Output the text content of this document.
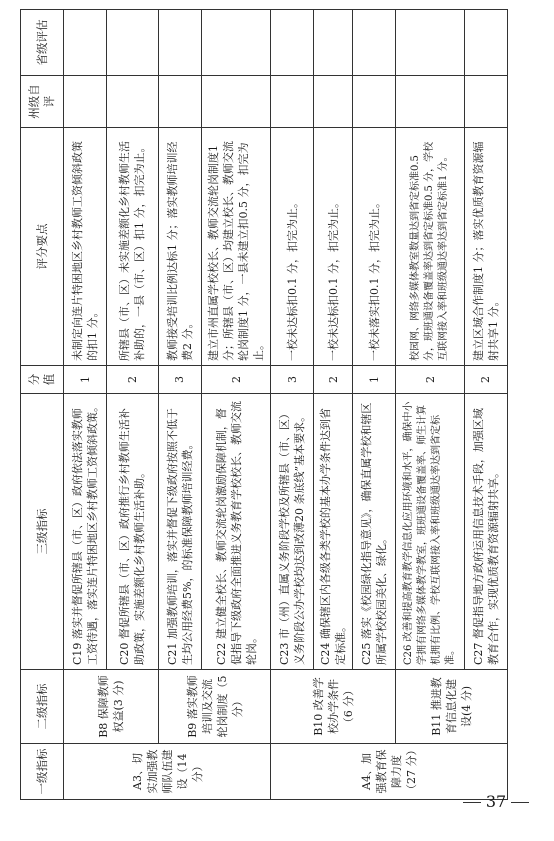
一级指标	二级指标	三级指标	分值	评分要点	州级自评	省级评估
A3、切实加强教师队伍建设（14 分）	B8 保障教师权益(3 分)	C19 落实并督促所辖县（市、区）政府依法落实教师工资待遇，落实连片特困地区乡村教师工资倾斜政策。	1	未制定向连片特困地区乡村教师工资倾斜政策的扣1 分。		
		C20 督促所辖县（市、区）政府推行乡村教师生活补助政策，实施差额化乡村教师生活补助。	2	所辖县（市、区）未实施差额化乡村教师生活补助的，一县（市、区）扣1 分，扣完为止。		
	B9 落实教师培训及交流轮岗制度（5 分）	C21 加强教师培训，落实并督促下级政府按照不低于生均公用经费5%，的标准保障教师培训经费。	3	教师接受培训比例达标1 分；落实教师培训经费2 分。		
		C22 建立健全校长、教师交流轮岗激励保障机制，督促指导下级政府全面推进义务教育学校校长、教师交流轮岗。	2	建立市州直属学校校长、教师交流轮岗制度1 分；所辖县（市、区）均建立校长、教师交流轮岗制度1 分，一县未建立扣0.5 分，扣完为止。		
A4、加强教育保障力度（27 分）	B10 改善学校办学条件（6 分）	C23 市（州）直属义务阶段学校及所辖县（市、区）义务阶段公办学校均达到改薄20 条底线”基本要求。	3	一校未达标扣0.1 分，扣完为止。		
		C24 确保辖区内各级各类学校的基本办学条件达到省定标准。	2	一校未达标扣0.1 分，扣完为止。		
		C25 落实《校园绿化指导意见》，确保直属学校和辖区所属学校校园美化、绿化。	1	一校未落实扣0.1 分，扣完为止。		
	B11 推进教育信息化建设(4 分)	C26 改善和提高教育教学信息化应用环境和水平，确保中小学拥有网络多媒体教学教室，班班通设备覆盖率、师生计算机拥有比例、学校互联网接入率和班级通达率达到省定标准。	2	校园网、网络多媒体教室数量达到省定标准0.5 分，班班通设备覆盖率达到省定标准0.5 分，学校互联网接入率和班级通达率达到省定标准1 分。		
		C27 督促指导地方政府运用信息技术手段，加强区域教育合作，实现优质教育资源辐射共享。	2	建立区域合作制度1 分；落实优质教育资源辐射共享1 分。		
37
